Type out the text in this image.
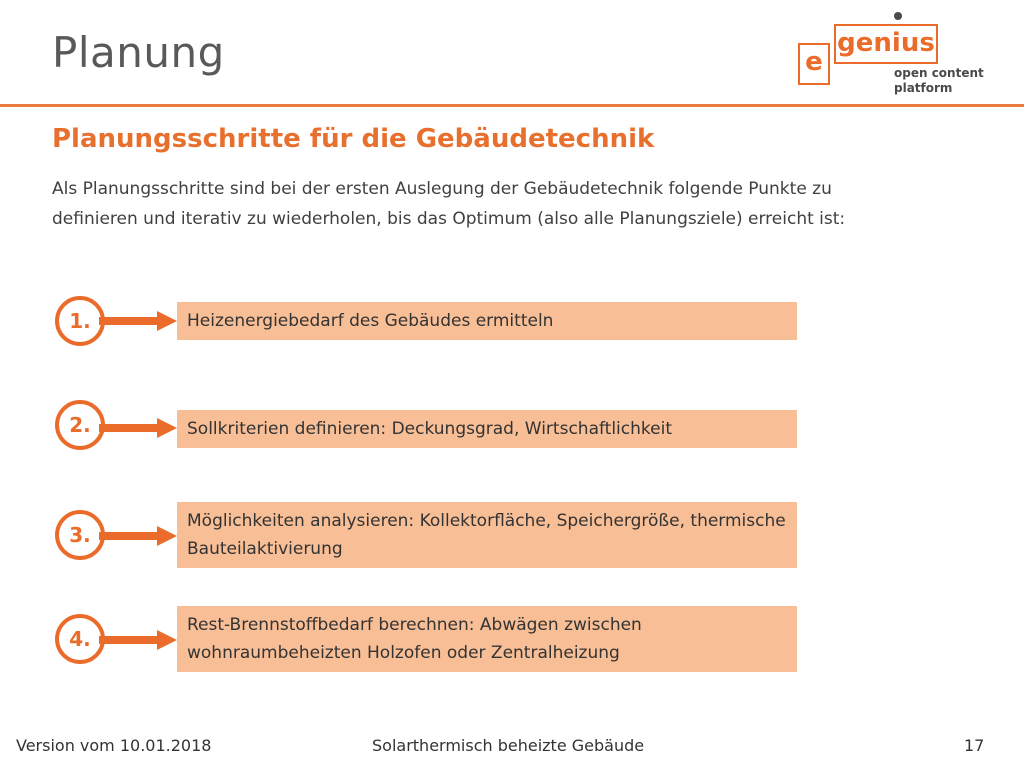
Planung	genius
e	open content
platform
Planungsschritte für die Gebäudetechnik

Als Planungsschritte sind bei der ersten Auslegung der Gebäudetechnik folgende Punkte zu definieren und iterativ zu wiederholen, bis das Optimum (also alle Planungsziele) erreicht ist:

1.	Heizenergiebedarf des Gebäudes ermitteln
2.	Sollkriterien definieren: Deckungsgrad, Wirtschaftlichkeit
3.
Möglichkeiten analysieren: Kollektorfläche, Speichergröße, thermische Bauteilaktivierung
4.
Rest-Brennstoffbedarf berechnen: Abwägen zwischen wohnraumbeheizten Holzofen oder Zentralheizung
Version vom 10.01.2018	Solarthermisch beheizte Gebäude	17
